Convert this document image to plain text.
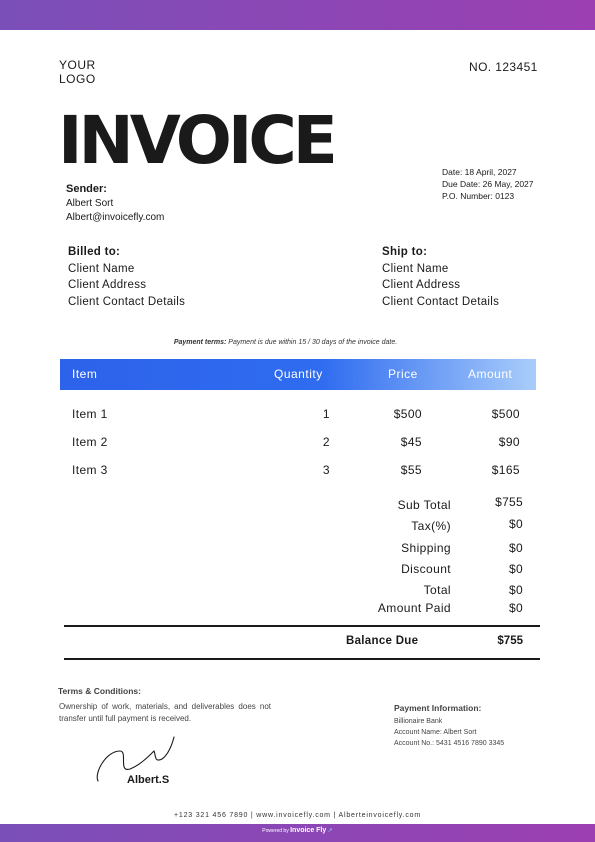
YOUR
LOGO
NO. 123451
INVOICE	Date: 18 April, 2027
Due Date: 26 May, 2027
P.O. Number: 0123
Sender:
Albert Sort
Albert@invoicefly.com
Billed to:
Client Name
Client Address
Client Contact Details
Ship to:
Client Name
Client Address
Client Contact Details
Payment terms: Payment is due within 15 / 30 days of the invoice date.
Item	Quantity	Price	Amount
Item 1	1	$500	$500
Item 2	2	$45	$90
Item 3	3	$55	$165
Sub Total	$755
Tax(%)	$0
Shipping	$0
Discount	$0
Total	$0
Amount Paid	$0
Balance Due	$755
Terms & Conditions:
Ownership of work, materials, and deliverables does not transfer until full payment is received.
Payment Information:
Billionaire Bank
Account Name: Albert Sort
Account No.: 5431 4516 7890 3345
Albert.S
+123 321 456 7890 | www.invoicefly.com | Alberteinvoicefly.com
Powered by Invoice Fly ↗
